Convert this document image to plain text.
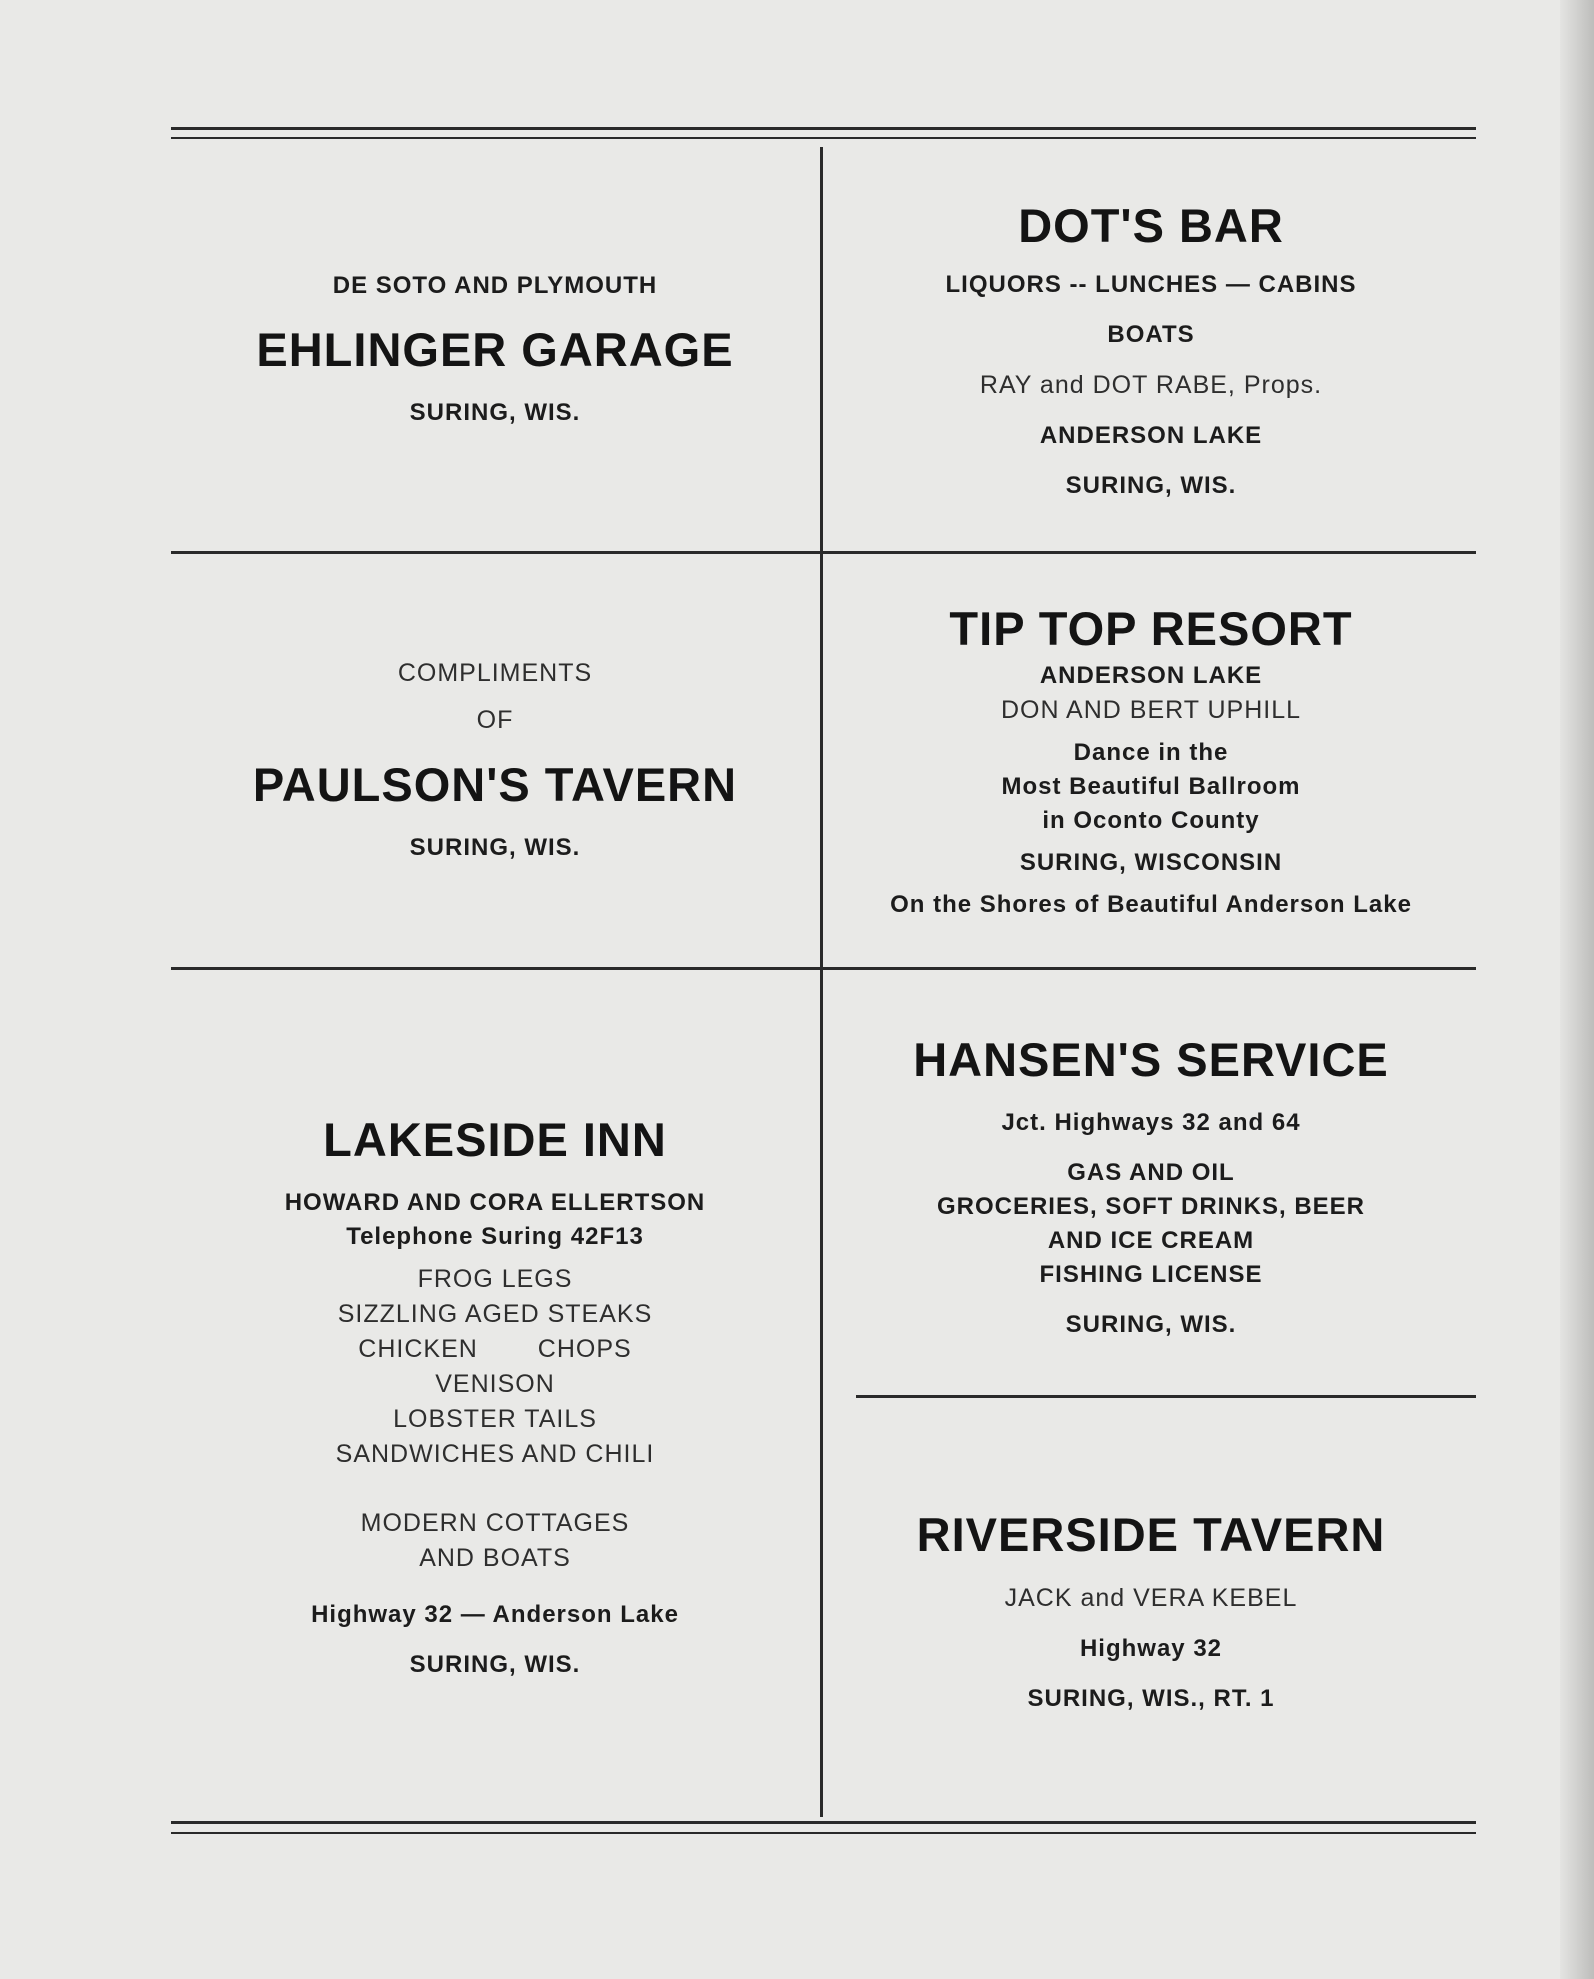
DE SOTO AND PLYMOUTH
EHLINGER GARAGE
SURING, WIS.
DOT'S BAR
LIQUORS -- LUNCHES — CABINS
BOATS
RAY and DOT RABE, Props.
ANDERSON LAKE
SURING, WIS.
COMPLIMENTS
OF
PAULSON'S TAVERN
SURING, WIS.
TIP TOP RESORT
ANDERSON LAKE
DON AND BERT UPHILL
Dance in the
Most Beautiful Ballroom
in Oconto County
SURING, WISCONSIN
On the Shores of Beautiful Anderson Lake
LAKESIDE INN
HOWARD AND CORA ELLERTSON
Telephone Suring 42F13
FROG LEGS
SIZZLING AGED STEAKS
CHICKEN CHOPS
VENISON
LOBSTER TAILS
SANDWICHES AND CHILI
MODERN COTTAGES
AND BOATS
Highway 32 — Anderson Lake
SURING, WIS.
HANSEN'S SERVICE
Jct. Highways 32 and 64
GAS AND OIL
GROCERIES, SOFT DRINKS, BEER
AND ICE CREAM
FISHING LICENSE
SURING, WIS.
RIVERSIDE TAVERN
JACK and VERA KEBEL
Highway 32
SURING, WIS., RT. 1
